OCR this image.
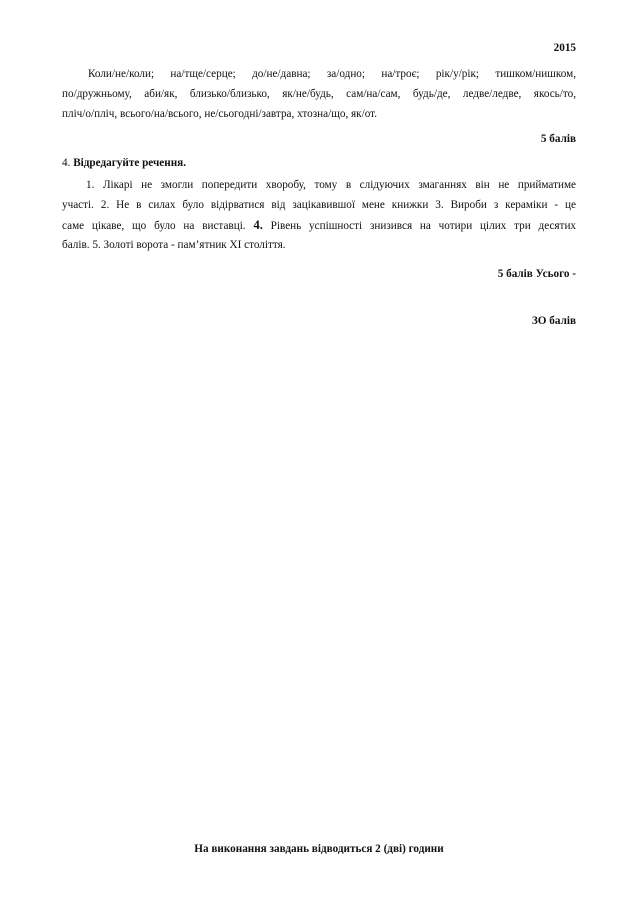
2015
Коли/не/коли; на/тще/серце; до/не/давна; за/одно; на/троє; рік/у/рік; тишком/нишком,
по/дружньому, аби/як, близько/близько, як/не/будь, сам/на/сам, будь/де, ледве/ледве, якось/то,
пліч/о/пліч, всього/на/всього, не/сьогодні/завтра, хтозна/що, як/от.
5 балів
4. Відредагуйте речення.
1. Лікарі не змогли попередити хворобу, тому в слідуючих змаганнях він не прийматиме
участі. 2. Не в силах було відірватися від зацікавившої мене книжки 3. Вироби з кераміки - це
саме цікаве, що було на виставці. 4. Рівень успішності знизився на чотири цілих три десятих
балів. 5. Золоті ворота - пам’ятник XI століття.
5 балів Усього -
ЗО балів
На виконання завдань відводиться 2 (дві) години
